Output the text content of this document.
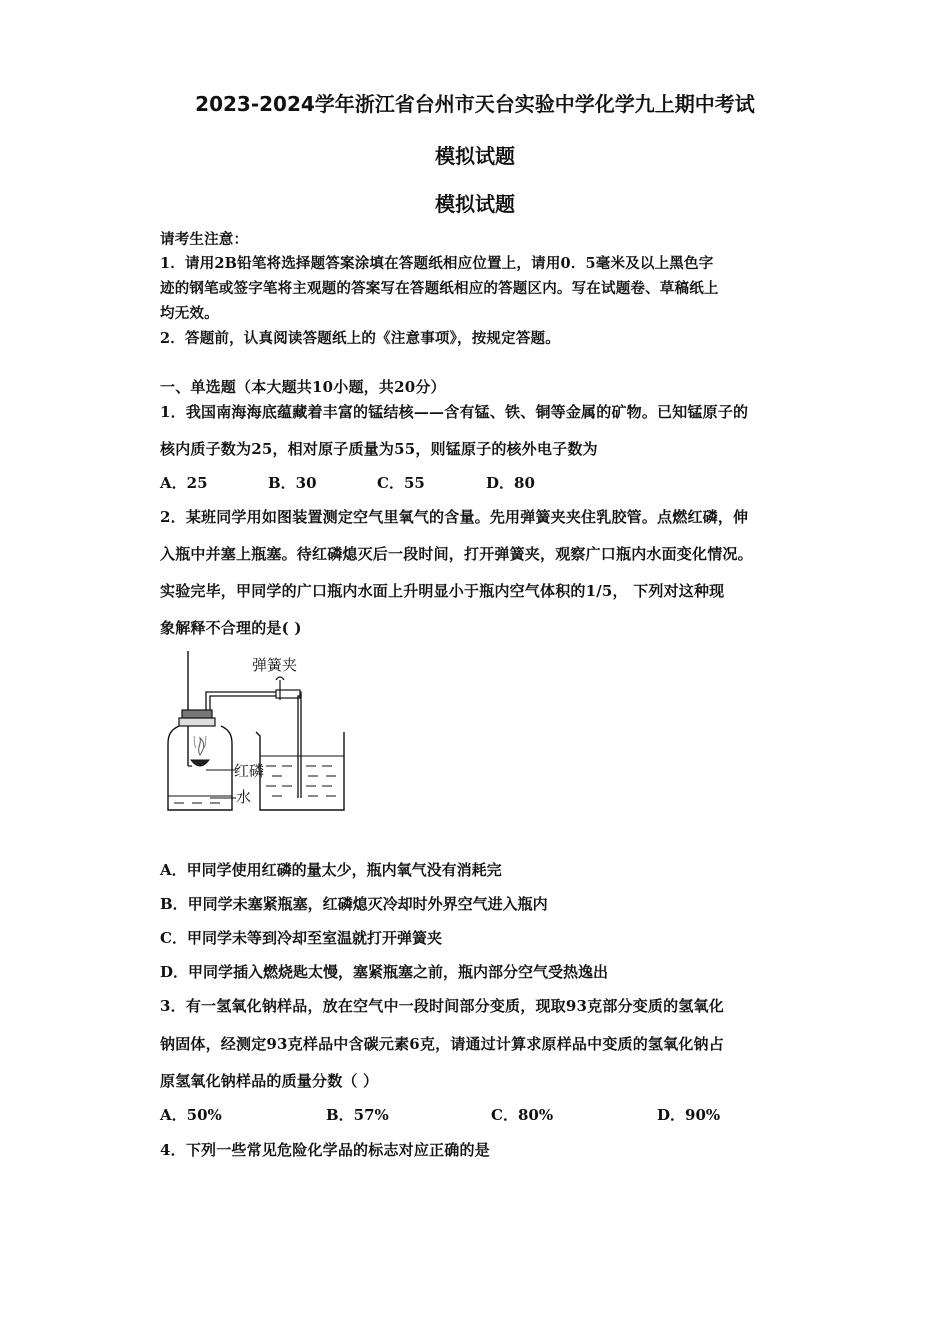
2023-2024学年浙江省台州市天台实验中学化学九上期中考试
模拟试题
模拟试题
请考生注意：
1．请用2B铅笔将选择题答案涂填在答题纸相应位置上，请用0．5毫米及以上黑色字
迹的钢笔或签字笔将主观题的答案写在答题纸相应的答题区内。写在试题卷、草稿纸上
均无效。
2．答题前，认真阅读答题纸上的《注意事项》，按规定答题。
一、单选题（本大题共10小题，共20分）
1．我国南海海底蕴藏着丰富的锰结核——含有锰、铁、铜等金属的矿物。已知锰原子的
核内质子数为25，相对原子质量为55，则锰原子的核外电子数为
A．25	B．30	C．55	D．80
2．某班同学用如图装置测定空气里氧气的含量。先用弹簧夹夹住乳胶管。点燃红磷，伸
入瓶中并塞上瓶塞。待红磷熄灭后一段时间，打开弹簧夹，观察广口瓶内水面变化情况。
实验完毕，甲同学的广口瓶内水面上升明显小于瓶内空气体积的1/5， 下列对这种现
象解释不合理的是( )
弹簧夹
红磷
水
A．甲同学使用红磷的量太少，瓶内氧气没有消耗完
B．甲同学未塞紧瓶塞，红磷熄灭冷却时外界空气进入瓶内
C．甲同学未等到冷却至室温就打开弹簧夹
D．甲同学插入燃烧匙太慢，塞紧瓶塞之前，瓶内部分空气受热逸出
3．有一氢氧化钠样品，放在空气中一段时间部分变质，现取93克部分变质的氢氧化
钠固体，经测定93克样品中含碳元素6克，请通过计算求原样品中变质的氢氧化钠占
原氢氧化钠样品的质量分数（ ）
A．50%	B．57%	C．80%	D．90%
4．下列一些常见危险化学品的标志对应正确的是
